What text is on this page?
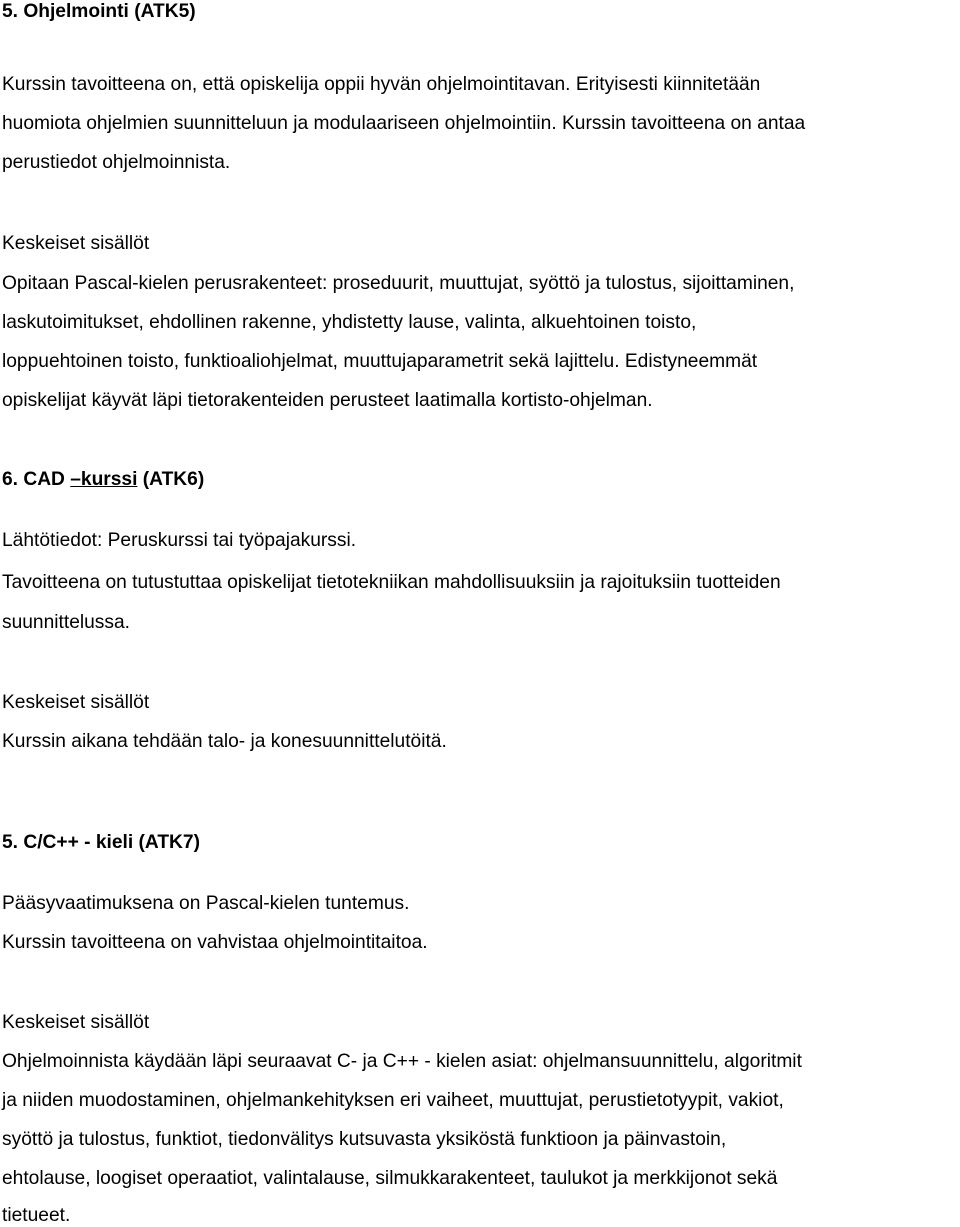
5. Ohjelmointi (ATK5)
Kurssin tavoitteena on, että opiskelija oppii hyvän ohjelmointitavan. Erityisesti kiinnitetään
huomiota ohjelmien suunnitteluun ja modulaariseen ohjelmointiin. Kurssin tavoitteena on antaa
perustiedot ohjelmoinnista.
Keskeiset sisällöt
Opitaan Pascal-kielen perusrakenteet: proseduurit, muuttujat, syöttö ja tulostus, sijoittaminen,
laskutoimitukset, ehdollinen rakenne, yhdistetty lause, valinta, alkuehtoinen toisto,
loppuehtoinen toisto, funktioaliohjelmat, muuttujaparametrit sekä lajittelu. Edistyneemmät
opiskelijat käyvät läpi tietorakenteiden perusteet laatimalla kortisto-ohjelman.
6. CAD –kurssi (ATK6)
Lähtötiedot: Peruskurssi tai työpajakurssi.
Tavoitteena on tutustuttaa opiskelijat tietotekniikan mahdollisuuksiin ja rajoituksiin tuotteiden
suunnittelussa.
Keskeiset sisällöt
Kurssin aikana tehdään talo- ja konesuunnittelutöitä.
5. C/C++ - kieli (ATK7)
Pääsyvaatimuksena on Pascal-kielen tuntemus.
Kurssin tavoitteena on vahvistaa ohjelmointitaitoa.
Keskeiset sisällöt
Ohjelmoinnista käydään läpi seuraavat C- ja C++ - kielen asiat: ohjelmansuunnittelu, algoritmit
ja niiden muodostaminen, ohjelmankehityksen eri vaiheet, muuttujat, perustietotyypit, vakiot,
syöttö ja tulostus, funktiot, tiedonvälitys kutsuvasta yksiköstä funktioon ja päinvastoin,
ehtolause, loogiset operaatiot, valintalause, silmukkarakenteet, taulukot ja merkkijonot sekä
tietueet.
